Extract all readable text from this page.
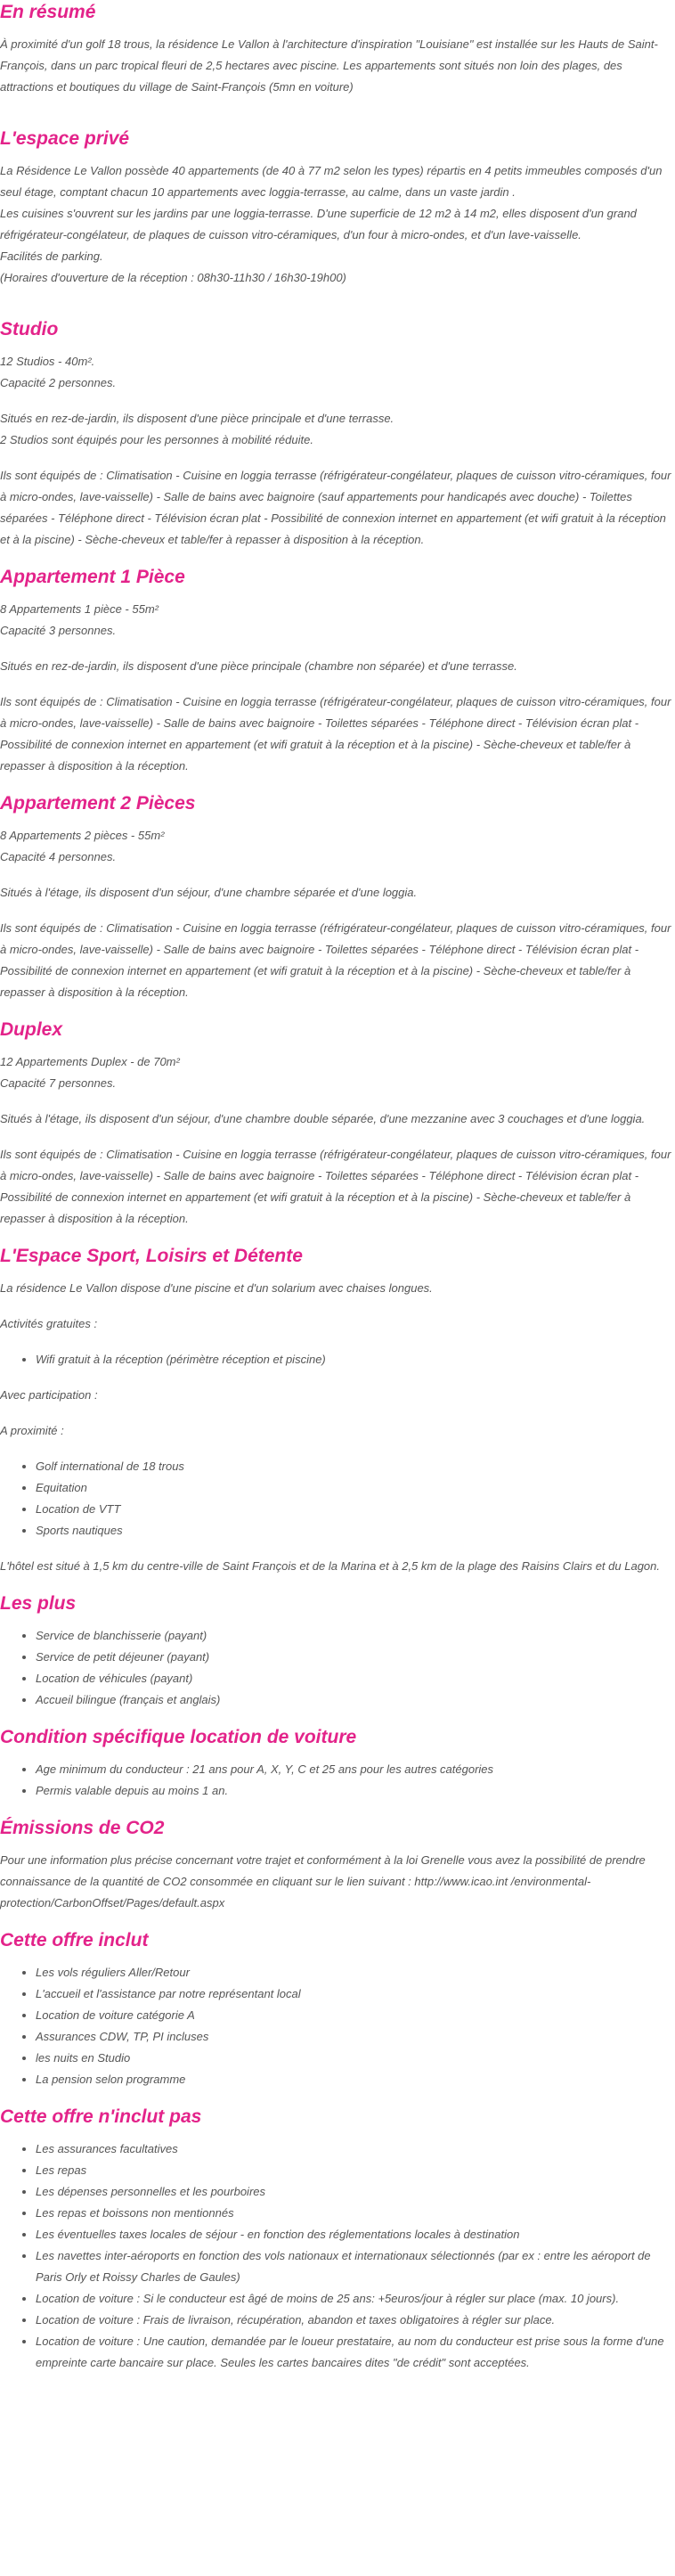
En résumé

À proximité d'un golf 18 trous, la résidence Le Vallon à l'architecture d'inspiration "Louisiane" est installée sur les Hauts de Saint-François, dans un parc tropical fleuri de 2,5 hectares avec piscine. Les appartements sont situés non loin des plages, des attractions et boutiques du village de Saint-François (5mn en voiture)

L'espace privé

La Résidence Le Vallon possède 40 appartements (de 40 à 77 m2 selon les types) répartis en 4 petits immeubles composés d'un seul étage, comptant chacun 10 appartements avec loggia-terrasse, au calme, dans un vaste jardin .
Les cuisines s'ouvrent sur les jardins par une loggia-terrasse. D'une superficie de 12 m2 à 14 m2, elles disposent d'un grand réfrigérateur-congélateur, de plaques de cuisson vitro-céramiques, d'un four à micro-ondes, et d'un lave-vaisselle.
Facilités de parking.
(Horaires d'ouverture de la réception : 08h30-11h30 / 16h30-19h00)

Studio

12 Studios - 40m².
Capacité 2 personnes.

Situés en rez-de-jardin, ils disposent d'une pièce principale et d'une terrasse.
2 Studios sont équipés pour les personnes à mobilité réduite.

Ils sont équipés de : Climatisation - Cuisine en loggia terrasse (réfrigérateur-congélateur, plaques de cuisson vitro-céramiques, four à micro-ondes, lave-vaisselle) - Salle de bains avec baignoire (sauf appartements pour handicapés avec douche) - Toilettes séparées - Téléphone direct - Télévision écran plat - Possibilité de connexion internet en appartement (et wifi gratuit à la réception et à la piscine) - Sèche-cheveux et table/fer à repasser à disposition à la réception.

Appartement 1 Pièce

8 Appartements 1 pièce - 55m²
Capacité 3 personnes.

Situés en rez-de-jardin, ils disposent d'une pièce principale (chambre non séparée) et d'une terrasse.

Ils sont équipés de : Climatisation - Cuisine en loggia terrasse (réfrigérateur-congélateur, plaques de cuisson vitro-céramiques, four à micro-ondes, lave-vaisselle) - Salle de bains avec baignoire - Toilettes séparées - Téléphone direct - Télévision écran plat - Possibilité de connexion internet en appartement (et wifi gratuit à la réception et à la piscine) - Sèche-cheveux et table/fer à repasser à disposition à la réception.

Appartement 2 Pièces

8 Appartements 2 pièces - 55m²
Capacité 4 personnes.

Situés à l'étage, ils disposent d'un séjour, d'une chambre séparée et d'une loggia.

Ils sont équipés de : Climatisation - Cuisine en loggia terrasse (réfrigérateur-congélateur, plaques de cuisson vitro-céramiques, four à micro-ondes, lave-vaisselle) - Salle de bains avec baignoire - Toilettes séparées - Téléphone direct - Télévision écran plat - Possibilité de connexion internet en appartement (et wifi gratuit à la réception et à la piscine) - Sèche-cheveux et table/fer à repasser à disposition à la réception.

Duplex

12 Appartements Duplex - de 70m²
Capacité 7 personnes.

Situés à l'étage, ils disposent d'un séjour, d'une chambre double séparée, d'une mezzanine avec 3 couchages et d'une loggia.

Ils sont équipés de : Climatisation - Cuisine en loggia terrasse (réfrigérateur-congélateur, plaques de cuisson vitro-céramiques, four à micro-ondes, lave-vaisselle) - Salle de bains avec baignoire - Toilettes séparées - Téléphone direct - Télévision écran plat - Possibilité de connexion internet en appartement (et wifi gratuit à la réception et à la piscine) - Sèche-cheveux et table/fer à repasser à disposition à la réception.

L'Espace Sport, Loisirs et Détente

La résidence Le Vallon dispose d'une piscine et d'un solarium avec chaises longues.

Activités gratuites :

• Wifi gratuit à la réception (périmètre réception et piscine)

Avec participation :

A proximité :

• Golf international de 18 trous
• Equitation
• Location de VTT
• Sports nautiques

L'hôtel est situé à 1,5 km du centre-ville de Saint François et de la Marina et à 2,5 km de la plage des Raisins Clairs et du Lagon.

Les plus
• Service de blanchisserie (payant)
• Service de petit déjeuner (payant)
• Location de véhicules (payant)
• Accueil bilingue (français et anglais)
Condition spécifique location de voiture
• Age minimum du conducteur : 21 ans pour A, X, Y, C et 25 ans pour les autres catégories
• Permis valable depuis au moins 1 an.
Émissions de CO2

Pour une information plus précise concernant votre trajet et conformément à la loi Grenelle vous avez la possibilité de prendre connaissance de la quantité de CO2 consommée en cliquant sur le lien suivant : http://www.icao.int /environmental-protection/CarbonOffset/Pages/default.aspx

Cette offre inclut
• Les vols réguliers Aller/Retour
• L'accueil et l'assistance par notre représentant local
• Location de voiture catégorie A
• Assurances CDW, TP, PI incluses
• les nuits en Studio
• La pension selon programme
Cette offre n'inclut pas
• Les assurances facultatives
• Les repas
• Les dépenses personnelles et les pourboires
• Les repas et boissons non mentionnés
• Les éventuelles taxes locales de séjour - en fonction des réglementations locales à destination
• Les navettes inter-aéroports en fonction des vols nationaux et internationaux sélectionnés (par ex : entre les aéroport de Paris Orly et Roissy Charles de Gaules)
• Location de voiture : Si le conducteur est âgé de moins de 25 ans: +5euros/jour à régler sur place (max. 10 jours).
• Location de voiture : Frais de livraison, récupération, abandon et taxes obligatoires à régler sur place.
• Location de voiture : Une caution, demandée par le loueur prestataire, au nom du conducteur est prise sous la forme d'une empreinte carte bancaire sur place. Seules les cartes bancaires dites "de crédit" sont acceptées.
